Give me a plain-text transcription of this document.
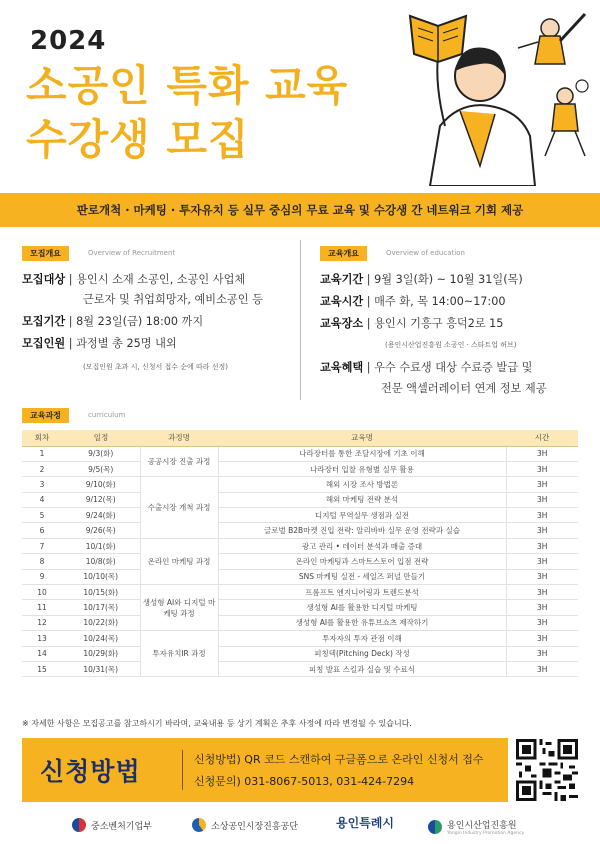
2024
소공인 특화 교육
수강생 모집
판로개척 · 마케팅 · 투자유치 등 실무 중심의 무료 교육 및 수강생 간 네트워크 기회 제공
모집개요	Overview of Recruitment
모집대상 | 용인시 소재 소공인, 소공인 사업체
근로자 및 취업희망자, 예비소공인 등
모집기간 | 8월 23일(금) 18:00 까지
모집인원 | 과정별 총 25명 내외
(모집인원 초과 시, 신청서 접수 순에 따라 선정)
교육개요	Overview of education
교육기간 | 9월 3일(화) ~ 10월 31일(목)
교육시간 | 매주 화, 목 14:00~17:00
교육장소 | 용인시 기흥구 흥덕2로 15
(용인시산업진흥원 소공인 · 스타트업 허브)
교육혜택 | 우수 수료생 대상 수료증 발급 및
전문 액셀러레이터 연계 정보 제공
교육과정	curriculum
회차	일정	과정명	교육명	시간
1	9/3(화)	공공시장 진출 과정	나라장터를 통한 조달시장에 기초 이해	3H
2	9/5(목)		나라장터 입찰 유형별 실무 활용	3H
3	9/10(화)	수출시장 개척 과정	해외 시장 조사 방법론	3H
4	9/12(목)		해외 마케팅 전략 분석	3H
5	9/24(화)		디지털 무역실무 생점과 실전	3H
6	9/26(목)		글로벌 B2B마켓 진입 전략: 알리바바 실무 운영 전략과 실습	3H
7	10/1(화)	온라인 마케팅 과정	광고 관리 • 데이터 분석과 매출 증대	3H
8	10/8(화)		온라인 마케팅과 스마트스토어 입점 전략	3H
9	10/10(목)		SNS 마케팅 실전 - 세일즈 퍼널 만들기	3H
10	10/15(화)	생성형 AI와 디지털 마케팅 과정	프롬프트 엔지니어링과 트렌드분석	3H
11	10/17(목)		생성형 AI를 활용한 디지털 마케팅	3H
12	10/22(화)		생성형 AI를 활용한 유튜브쇼츠 제작하기	3H
13	10/24(목)	투자유치IR 과정	투자자의 투자 관점 이해	3H
14	10/29(화)		피칭덱(Pitching Deck) 작성	3H
15	10/31(목)		피칭 발표 스킬과 실습 및 수료식	3H
※ 자세한 사항은 모집공고를 참고하시기 바라며, 교육내용 등 상기 계획은 추후 사정에 따라 변경될 수 있습니다.
신청방법	신청방법) QR 코드 스캔하여 구글폼으로 온라인 신청서 접수
신청문의) 031-8067-5013, 031-424-7294
중소벤처기업부	소상공인시장진흥공단	용인특례시	용인시산업진흥원
Yongin Industry Promotion Agency
